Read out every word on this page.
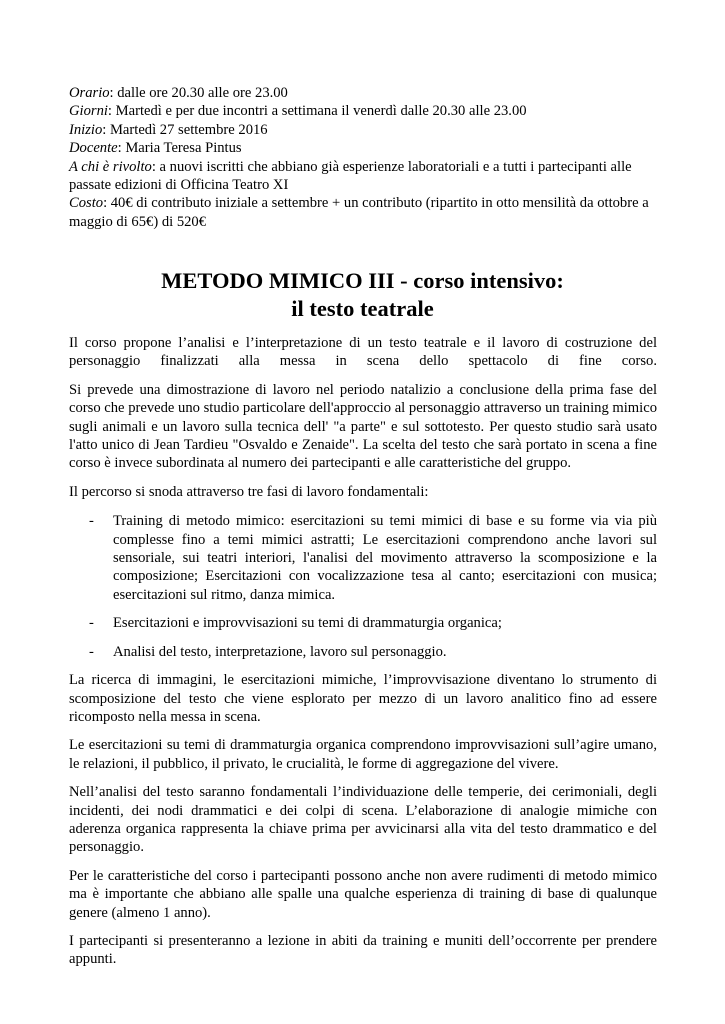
Orario: dalle ore 20.30 alle ore 23.00

Giorni: Martedì e per due incontri a settimana il venerdì dalle 20.30 alle 23.00

Inizio: Martedì 27 settembre 2016

Docente: Maria Teresa Pintus

A chi è rivolto: a nuovi iscritti che abbiano già esperienze laboratoriali e a tutti i partecipanti alle passate edizioni di Officina Teatro XI

Costo: 40€ di contributo iniziale a settembre + un contributo (ripartito in otto mensilità da ottobre a maggio di 65€) di 520€

METODO MIMICO III - corso intensivo:
il testo teatrale

Il corso propone l’analisi e l’interpretazione di un testo teatrale e il lavoro di costruzione del personaggio finalizzati alla messa in scena dello spettacolo di fine corso.

Si prevede una dimostrazione di lavoro nel periodo natalizio a conclusione della prima fase del corso che prevede uno studio particolare dell'approccio al personaggio attraverso un training mimico sugli animali e un lavoro sulla tecnica dell' "a parte" e sul sottotesto. Per questo studio sarà usato l'atto unico di Jean Tardieu "Osvaldo e Zenaide". La scelta del testo che sarà portato in scena a fine corso è invece subordinata al numero dei partecipanti e alle caratteristiche del gruppo.

Il percorso si snoda attraverso tre fasi di lavoro fondamentali:

- Training di metodo mimico: esercitazioni su temi mimici di base e su forme via via più complesse fino a temi mimici astratti; Le esercitazioni comprendono anche lavori sul sensoriale, sui teatri interiori, l'analisi del movimento attraverso la scomposizione e la composizione; Esercitazioni con vocalizzazione tesa al canto; esercitazioni con musica; esercitazioni sul ritmo, danza mimica.
- Esercitazioni e improvvisazioni su temi di drammaturgia organica;
- Analisi del testo, interpretazione, lavoro sul personaggio.

La ricerca di immagini, le esercitazioni mimiche, l’improvvisazione diventano lo strumento di scomposizione del testo che viene esplorato per mezzo di un lavoro analitico fino ad essere ricomposto nella messa in scena.

Le esercitazioni su temi di drammaturgia organica comprendono improvvisazioni sull’agire umano, le relazioni, il pubblico, il privato, le crucialità, le forme di aggregazione del vivere.

Nell’analisi del testo saranno fondamentali l’individuazione delle temperie, dei cerimoniali, degli incidenti, dei nodi drammatici e dei colpi di scena. L’elaborazione di analogie mimiche con aderenza organica rappresenta la chiave prima per avvicinarsi alla vita del testo drammatico e del personaggio.

Per le caratteristiche del corso i partecipanti possono anche non avere rudimenti di metodo mimico ma è importante che abbiano alle spalle una qualche esperienza di training di base di qualunque genere (almeno 1 anno).

I partecipanti si presenteranno a lezione in abiti da training e muniti dell’occorrente per prendere appunti.
